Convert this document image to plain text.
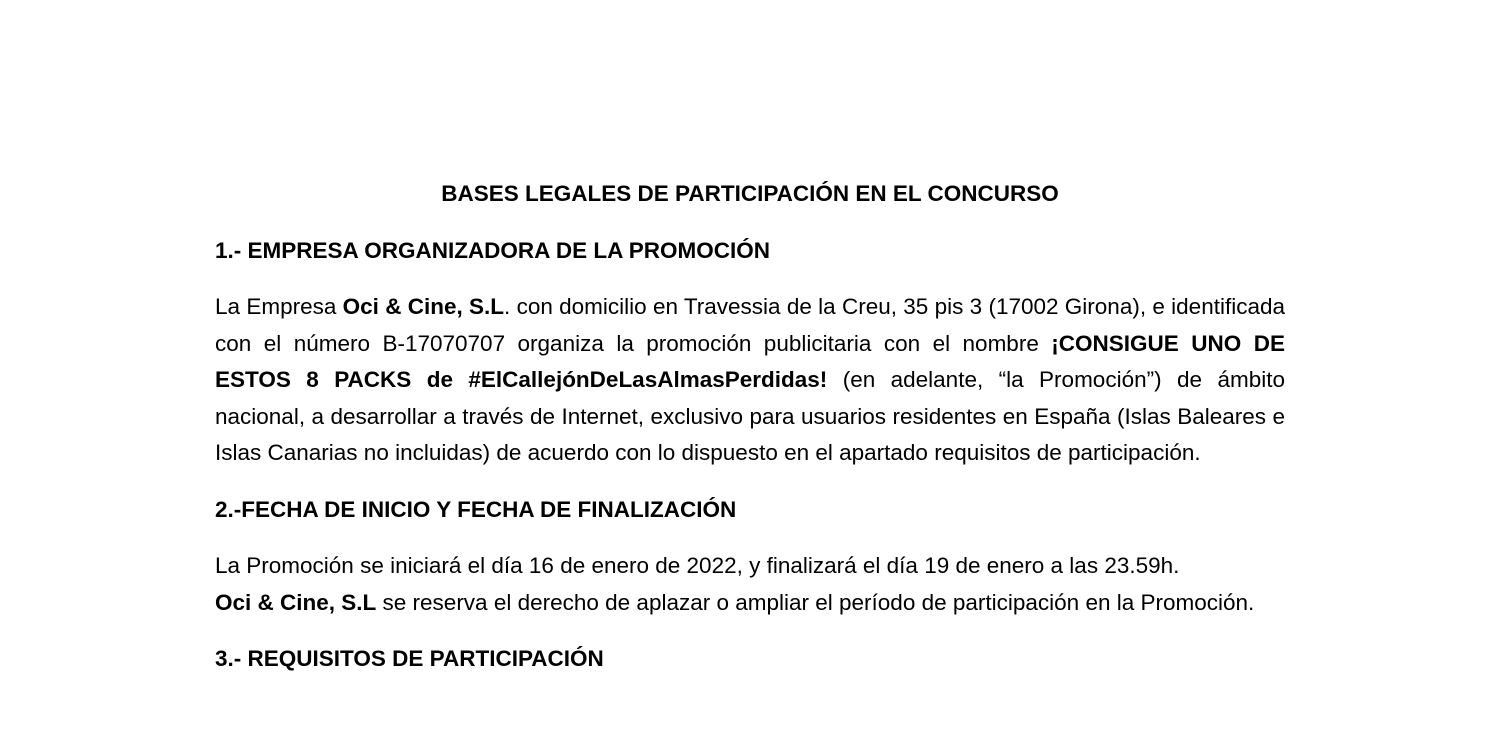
BASES LEGALES DE PARTICIPACIÓN EN EL CONCURSO
1.- EMPRESA ORGANIZADORA DE LA PROMOCIÓN
La Empresa Oci & Cine, S.L. con domicilio en Travessia de la Creu, 35 pis 3 (17002 Girona), e identificada con el número B-17070707 organiza la promoción publicitaria con el nombre ¡CONSIGUE UNO DE ESTOS 8 PACKS de #ElCallejónDeLasAlmasPerdidas! (en adelante, “la Promoción”) de ámbito nacional, a desarrollar a través de Internet, exclusivo para usuarios residentes en España (Islas Baleares e Islas Canarias no incluidas) de acuerdo con lo dispuesto en el apartado requisitos de participación.
2.-FECHA DE INICIO Y FECHA DE FINALIZACIÓN
La Promoción se iniciará el día 16 de enero de 2022, y finalizará el día 19 de enero a las 23.59h.
Oci & Cine, S.L se reserva el derecho de aplazar o ampliar el período de participación en la Promoción.
3.- REQUISITOS DE PARTICIPACIÓN
